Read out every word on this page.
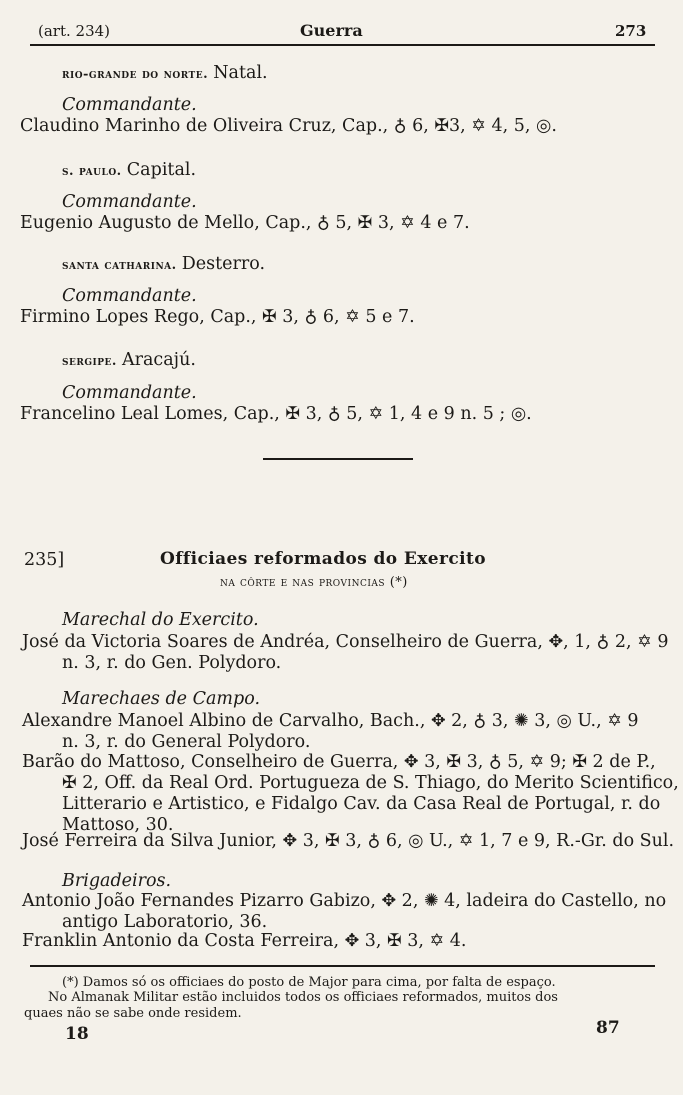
(art. 234)	Guerra	273
rio-grande do norte. Natal.
Commandante.
Claudino Marinho de Oliveira Cruz, Cap., ♁ 6, ✠3, ✡ 4, 5, ◎.
s. paulo. Capital.
Commandante.
Eugenio Augusto de Mello, Cap., ♁ 5, ✠ 3, ✡ 4 e 7.
santa catharina. Desterro.
Commandante.
Firmino Lopes Rego, Cap., ✠ 3, ♁ 6, ✡ 5 e 7.
sergipe. Aracajú.
Commandante.
Francelino Leal Lomes, Cap., ✠ 3, ♁ 5, ✡ 1, 4 e 9 n. 5 ; ◎.
235]	Officiaes reformados do Exercito
na côrte e nas provincias (*)
Marechal do Exercito.
José da Victoria Soares de Andréa, Conselheiro de Guerra, ✥, 1, ♁ 2, ✡ 9
n. 3, r. do Gen. Polydoro.
Marechaes de Campo.
Alexandre Manoel Albino de Carvalho, Bach., ✥ 2, ♁ 3, ✺ 3, ◎ U., ✡ 9
n. 3, r. do General Polydoro.
Barão do Mattoso, Conselheiro de Guerra, ✥ 3, ✠ 3, ♁ 5, ✡ 9; ✠ 2 de P.,
✠ 2, Off. da Real Ord. Portugueza de S. Thiago, do Merito Scientifico,
Litterario e Artistico, e Fidalgo Cav. da Casa Real de Portugal, r. do
Mattoso, 30.
José Ferreira da Silva Junior, ✥ 3, ✠ 3, ♁ 6, ◎ U., ✡ 1, 7 e 9, R.-Gr. do Sul.
Brigadeiros.
Antonio João Fernandes Pizarro Gabizo, ✥ 2, ✺ 4, ladeira do Castello, no
antigo Laboratorio, 36.
Franklin Antonio da Costa Ferreira, ✥ 3, ✠ 3, ✡ 4.
(*) Damos só os officiaes do posto de Major para cima, por falta de espaço.
No Almanak Militar estão incluidos todos os officiaes reformados, muitos dos
quaes não se sabe onde residem.
18	87
